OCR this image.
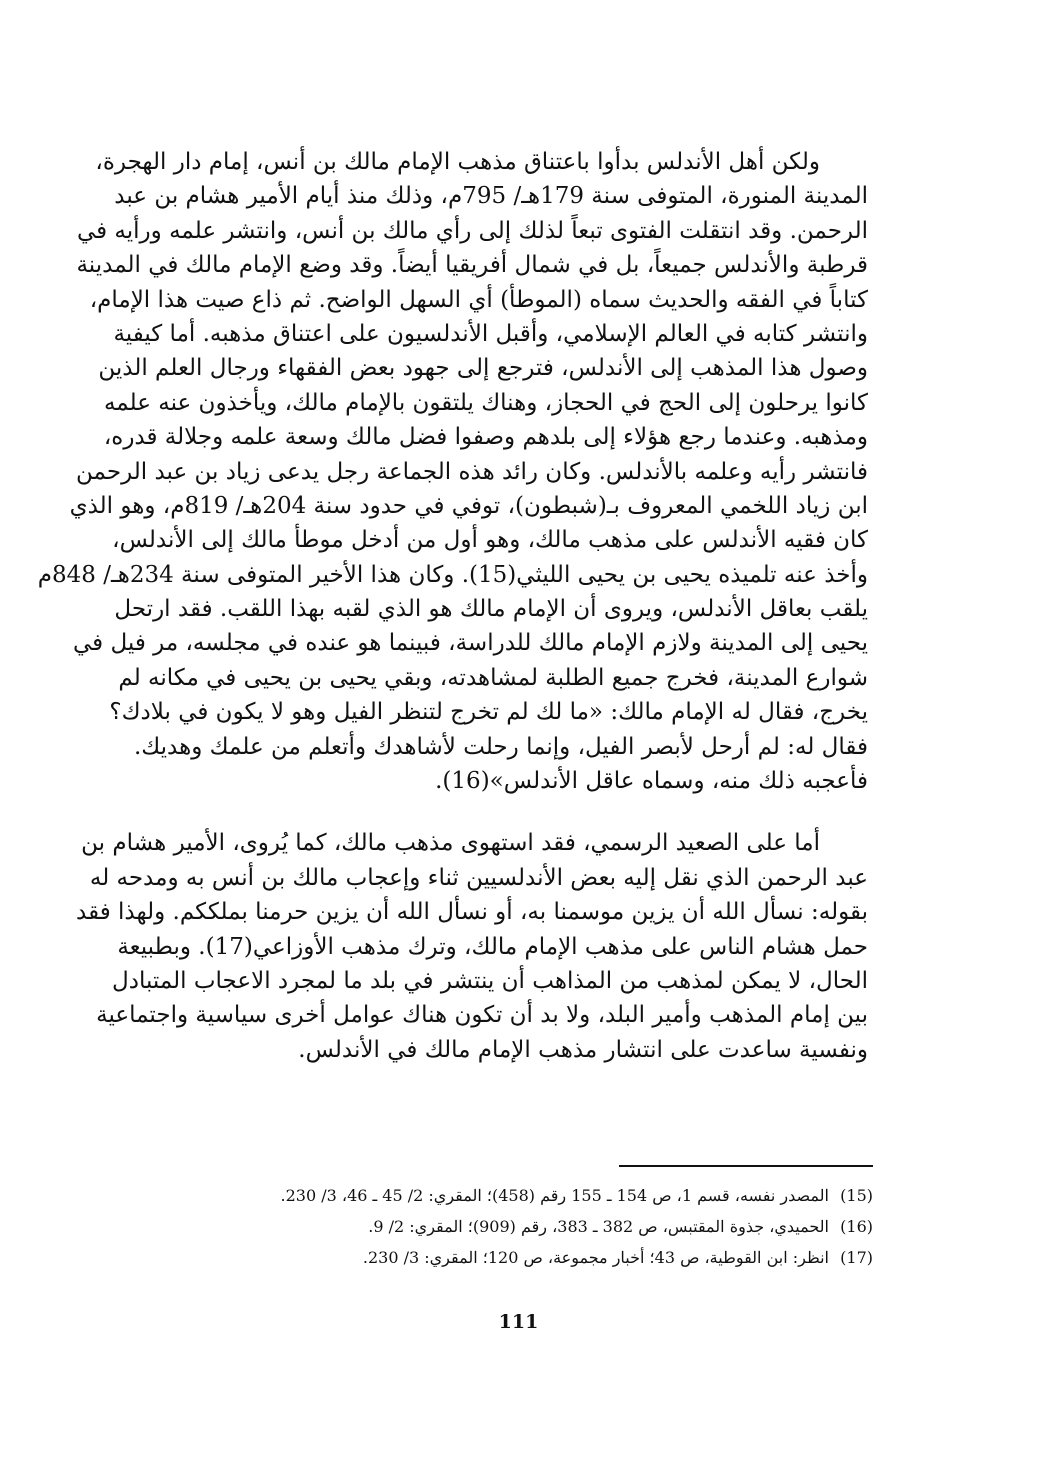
ولكن أهل الأندلس بدأوا باعتناق مذهب الإمام مالك بن أنس، إمام دار الهجرة،
المدينة المنورة، المتوفى سنة 179هـ/ 795م، وذلك منذ أيام الأمير هشام بن عبد
الرحمن. وقد انتقلت الفتوى تبعاً لذلك إلى رأي مالك بن أنس، وانتشر علمه ورأيه في
قرطبة والأندلس جميعاً، بل في شمال أفريقيا أيضاً. وقد وضع الإمام مالك في المدينة
كتاباً في الفقه والحديث سماه (الموطأ) أي السهل الواضح. ثم ذاع صيت هذا الإمام،
وانتشر كتابه في العالم الإسلامي، وأقبل الأندلسيون على اعتناق مذهبه. أما كيفية
وصول هذا المذهب إلى الأندلس، فترجع إلى جهود بعض الفقهاء ورجال العلم الذين
كانوا يرحلون إلى الحج في الحجاز، وهناك يلتقون بالإمام مالك، ويأخذون عنه علمه
ومذهبه. وعندما رجع هؤلاء إلى بلدهم وصفوا فضل مالك وسعة علمه وجلالة قدره،
فانتشر رأيه وعلمه بالأندلس. وكان رائد هذه الجماعة رجل يدعى زياد بن عبد الرحمن
ابن زياد اللخمي المعروف بـ(شبطون)، توفي في حدود سنة 204هـ/ 819م، وهو الذي
كان فقيه الأندلس على مذهب مالك، وهو أول من أدخل موطأ مالك إلى الأندلس،
وأخذ عنه تلميذه يحيى بن يحيى الليثي(15). وكان هذا الأخير المتوفى سنة 234هـ/ 848م
يلقب بعاقل الأندلس، ويروى أن الإمام مالك هو الذي لقبه بهذا اللقب. فقد ارتحل
يحيى إلى المدينة ولازم الإمام مالك للدراسة، فبينما هو عنده في مجلسه، مر فيل في
شوارع المدينة، فخرج جميع الطلبة لمشاهدته، وبقي يحيى بن يحيى في مكانه لم
يخرج، فقال له الإمام مالك: «ما لك لم تخرج لتنظر الفيل وهو لا يكون في بلادك؟
فقال له: لم أرحل لأبصر الفيل، وإنما رحلت لأشاهدك وأتعلم من علمك وهديك.
فأعجبه ذلك منه، وسماه عاقل الأندلس»(16).
أما على الصعيد الرسمي، فقد استهوى مذهب مالك، كما يُروى، الأمير هشام بن
عبد الرحمن الذي نقل إليه بعض الأندلسيين ثناء وإعجاب مالك بن أنس به ومدحه له
بقوله: نسأل الله أن يزين موسمنا به، أو نسأل الله أن يزين حرمنا بملككم. ولهذا فقد
حمل هشام الناس على مذهب الإمام مالك، وترك مذهب الأوزاعي(17). وبطبيعة
الحال، لا يمكن لمذهب من المذاهب أن ينتشر في بلد ما لمجرد الاعجاب المتبادل
بين إمام المذهب وأمير البلد، ولا بد أن تكون هناك عوامل أخرى سياسية واجتماعية
ونفسية ساعدت على انتشار مذهب الإمام مالك في الأندلس.
(15)المصدر نفسه، قسم 1، ص 154 ـ 155 رقم (458)؛ المقري: 2/ 45 ـ 46، 3/ 230.
(16)الحميدي، جذوة المقتبس، ص 382 ـ 383، رقم (909)؛ المقري: 2/ 9.
(17)انظر: ابن القوطية، ص 43؛ أخبار مجموعة، ص 120؛ المقري: 3/ 230.
111
